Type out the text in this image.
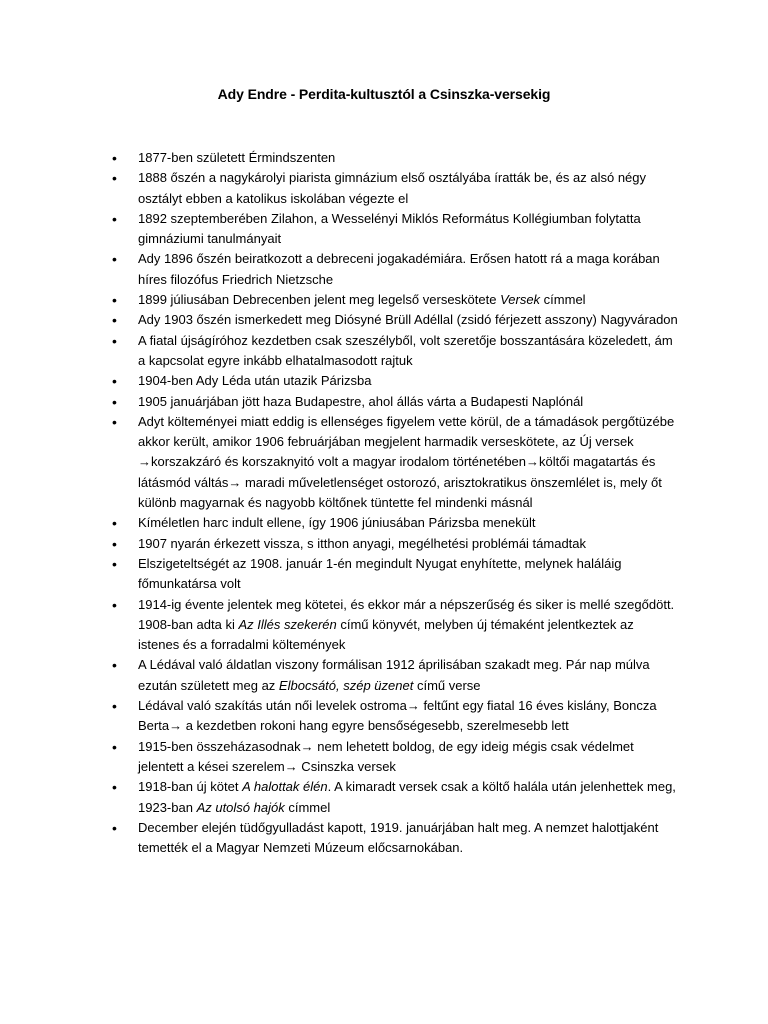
Ady Endre - Perdita-kultusztól a Csinszka-versekig
• 1877-ben született Érmindszenten
• 1888 őszén a nagykárolyi piarista gimnázium első osztályába íratták be, és az alsó négy osztályt ebben a katolikus iskolában végezte el
• 1892 szeptemberében Zilahon, a Wesselényi Miklós Református Kollégiumban folytatta gimnáziumi tanulmányait
• Ady 1896 őszén beiratkozott a debreceni jogakadémiára. Erősen hatott rá a maga korában híres filozófus Friedrich Nietzsche
• 1899 júliusában Debrecenben jelent meg legelső verseskötete Versek címmel
• Ady 1903 őszén ismerkedett meg Diósyné Brüll Adéllal (zsidó férjezett asszony) Nagyváradon
• A fiatal újságíróhoz kezdetben csak szeszélyből, volt szeretője bosszantására közeledett, ám a kapcsolat egyre inkább elhatalmasodott rajtuk
• 1904-ben Ady Léda után utazik Párizsba
• 1905 januárjában jött haza Budapestre, ahol állás várta a Budapesti Naplónál
• Adyt költeményei miatt eddig is ellenséges figyelem vette körül, de a támadások pergőtüzébe akkor került, amikor 1906 februárjában megjelent harmadik verseskötete, az Új versek →korszakzáró és korszaknyitó volt a magyar irodalom történetében→költői magatartás és látásmód váltás→ maradi műveletlenséget ostorozó, arisztokratikus önszemlélet is, mely őt különb magyarnak és nagyobb költőnek tüntette fel mindenki másnál
• Kíméletlen harc indult ellene, így 1906 júniusában Párizsba menekült
• 1907 nyarán érkezett vissza, s itthon anyagi, megélhetési problémái támadtak
• Elszigeteltségét az 1908. január 1-én megindult Nyugat enyhítette, melynek haláláig főmunkatársa volt
• 1914-ig évente jelentek meg kötetei, és ekkor már a népszerűség és siker is mellé szegődött. 1908-ban adta ki Az Illés szekerén című könyvét, melyben új témaként jelentkeztek az istenes és a forradalmi költemények
• A Lédával való áldatlan viszony formálisan 1912 áprilisában szakadt meg. Pár nap múlva ezután született meg az Elbocsátó, szép üzenet című verse
• Lédával való szakítás után női levelek ostroma→ feltűnt egy fiatal 16 éves kislány, Boncza Berta→ a kezdetben rokoni hang egyre bensőségesebb, szerelmesebb lett
• 1915-ben összeházasodnak→ nem lehetett boldog, de egy ideig mégis csak védelmet jelentett a kései szerelem→ Csinszka versek
• 1918-ban új kötet A halottak élén. A kimaradt versek csak a költő halála után jelenhettek meg, 1923-ban Az utolsó hajók címmel
• December elején tüdőgyulladást kapott, 1919. januárjában halt meg. A nemzet halottjaként temették el a Magyar Nemzeti Múzeum előcsarnokában.
